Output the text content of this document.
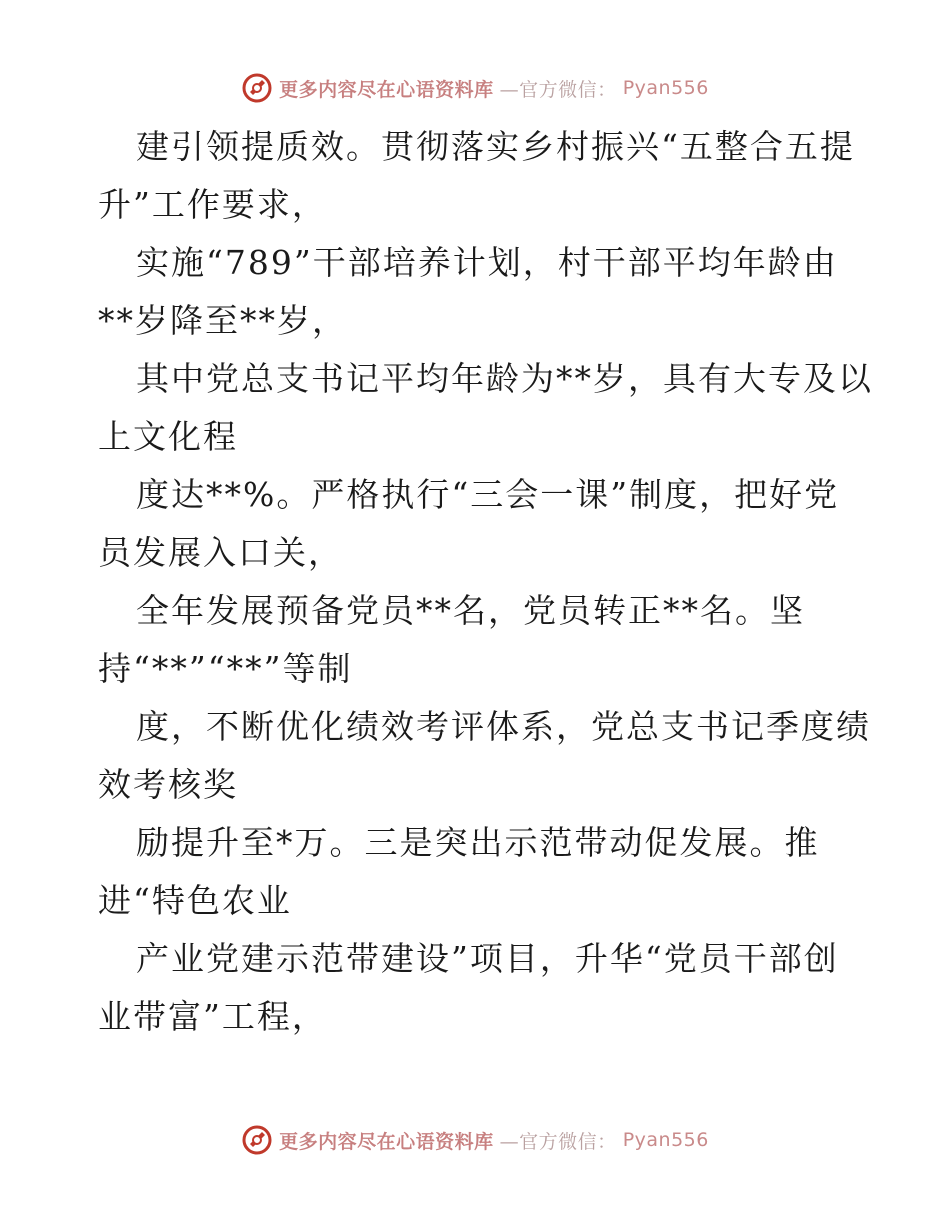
更多内容尽在心语资料库 —官方微信： Pyan556
建引领提质效。贯彻落实乡村振兴“五整合五提
升”工作要求，
实施“789”干部培养计划，村干部平均年龄由
**岁降至**岁，
其中党总支书记平均年龄为**岁，具有大专及以
上文化程
度达**%。严格执行“三会一课”制度，把好党
员发展入口关，
全年发展预备党员**名，党员转正**名。坚
持“**”“**”等制
度，不断优化绩效考评体系，党总支书记季度绩
效考核奖
励提升至*万。三是突出示范带动促发展。推
进“特色农业
产业党建示范带建设”项目，升华“党员干部创
业带富”工程，
更多内容尽在心语资料库 —官方微信： Pyan556
